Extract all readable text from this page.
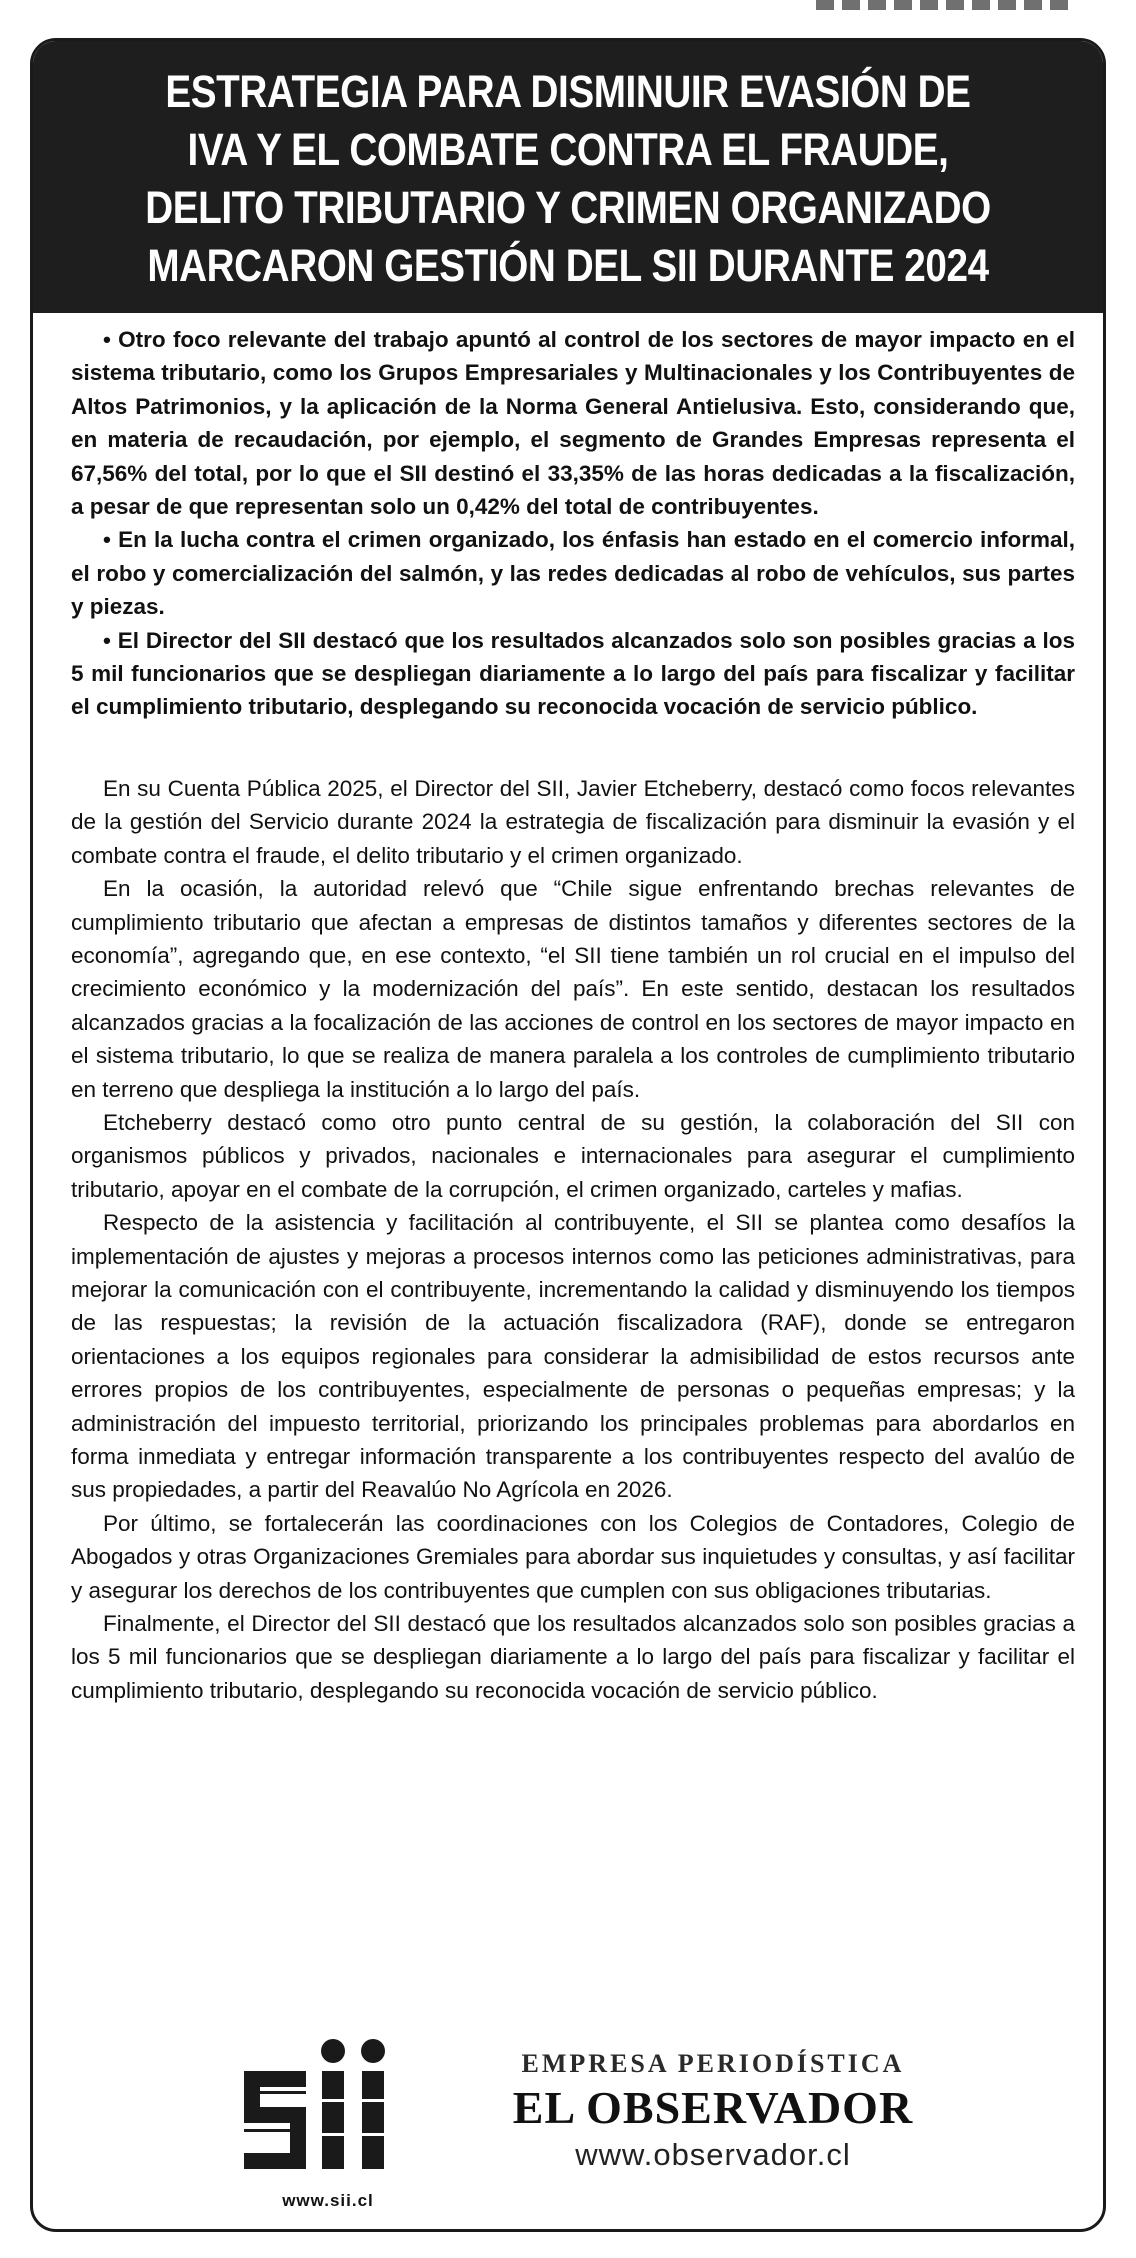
ESTRATEGIA PARA DISMINUIR EVASIÓN DE
IVA Y EL COMBATE CONTRA EL FRAUDE,
DELITO TRIBUTARIO Y CRIMEN ORGANIZADO
MARCARON GESTIÓN DEL SII DURANTE 2024

• Otro foco relevante del trabajo apuntó al control de los sectores de mayor impacto en el sistema tributario, como los Grupos Empresariales y Multinacionales y los Contribuyentes de Altos Patrimonios, y la aplicación de la Norma General Antielusiva. Esto, considerando que, en materia de recaudación, por ejemplo, el segmento de Grandes Empresas representa el 67,56% del total, por lo que el SII destinó el 33,35% de las horas dedicadas a la fiscalización, a pesar de que representan solo un 0,42% del total de contribuyentes.

• En la lucha contra el crimen organizado, los énfasis han estado en el comercio informal, el robo y comercialización del salmón, y las redes dedicadas al robo de vehículos, sus partes y piezas.

• El Director del SII destacó que los resultados alcanzados solo son posibles gracias a los 5 mil funcionarios que se despliegan diariamente a lo largo del país para fiscalizar y facilitar el cumplimiento tributario, desplegando su reconocida vocación de servicio público.

En su Cuenta Pública 2025, el Director del SII, Javier Etcheberry, destacó como focos relevantes de la gestión del Servicio durante 2024 la estrategia de fiscalización para disminuir la evasión y el combate contra el fraude, el delito tributario y el crimen organizado.

En la ocasión, la autoridad relevó que “Chile sigue enfrentando brechas relevantes de cumplimiento tributario que afectan a empresas de distintos tamaños y diferentes sectores de la economía”, agregando que, en ese contexto, “el SII tiene también un rol crucial en el impulso del crecimiento económico y la modernización del país”. En este sentido, destacan los resultados alcanzados gracias a la focalización de las acciones de control en los sectores de mayor impacto en el sistema tributario, lo que se realiza de manera paralela a los controles de cumplimiento tributario en terreno que despliega la institución a lo largo del país.

Etcheberry destacó como otro punto central de su gestión, la colaboración del SII con organismos públicos y privados, nacionales e internacionales para asegurar el cumplimiento tributario, apoyar en el combate de la corrupción, el crimen organizado, carteles y mafias.

Respecto de la asistencia y facilitación al contribuyente, el SII se plantea como desafíos la implementación de ajustes y mejoras a procesos internos como las peticiones administrativas, para mejorar la comunicación con el contribuyente, incrementando la calidad y disminuyendo los tiempos de las respuestas; la revisión de la actuación fiscalizadora (RAF), donde se entregaron orientaciones a los equipos regionales para considerar la admisibilidad de estos recursos ante errores propios de los contribuyentes, especialmente de personas o pequeñas empresas; y la administración del impuesto territorial, priorizando los principales problemas para abordarlos en forma inmediata y entregar información transparente a los contribuyentes respecto del avalúo de sus propiedades, a partir del Reavalúo No Agrícola en 2026.

Por último, se fortalecerán las coordinaciones con los Colegios de Contadores, Colegio de Abogados y otras Organizaciones Gremiales para abordar sus inquietudes y consultas, y así facilitar y asegurar los derechos de los contribuyentes que cumplen con sus obligaciones tributarias.

Finalmente, el Director del SII destacó que los resultados alcanzados solo son posibles gracias a los 5 mil funcionarios que se despliegan diariamente a lo largo del país para fiscalizar y facilitar el cumplimiento tributario, desplegando su reconocida vocación de servicio público.

Sii
www.sii.cl
EMPRESA PERIODÍSTICA
EL OBSERVADOR
www.observador.cl
